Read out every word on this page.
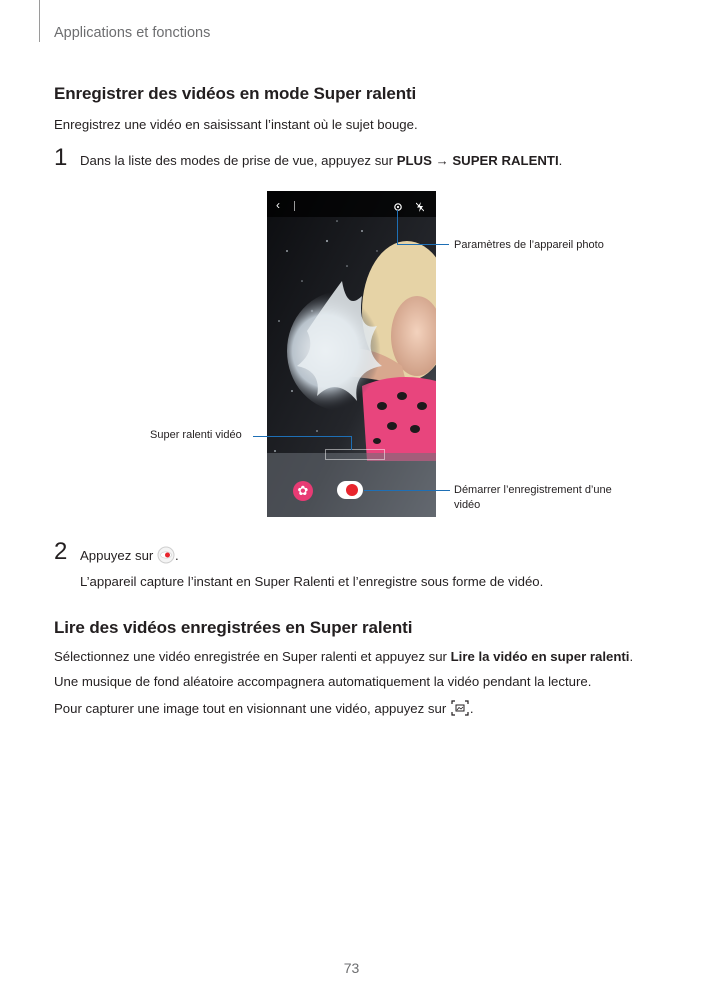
Applications et fonctions
Enregistrer des vidéos en mode Super ralenti
Enregistrez une vidéo en saisissant l’instant où le sujet bouge.
1 Dans la liste des modes de prise de vue, appuyez sur PLUS → SUPER RALENTI.
‹
✿
Paramètres de l’appareil photo
Super ralenti vidéo
Démarrer l’enregistrement d’une
vidéo
2 Appuyez sur .
L’appareil capture l’instant en Super Ralenti et l’enregistre sous forme de vidéo.
Lire des vidéos enregistrées en Super ralenti
Sélectionnez une vidéo enregistrée en Super ralenti et appuyez sur Lire la vidéo en super ralenti.
Une musique de fond aléatoire accompagnera automatiquement la vidéo pendant la lecture.
Pour capturer une image tout en visionnant une vidéo, appuyez sur .
73
